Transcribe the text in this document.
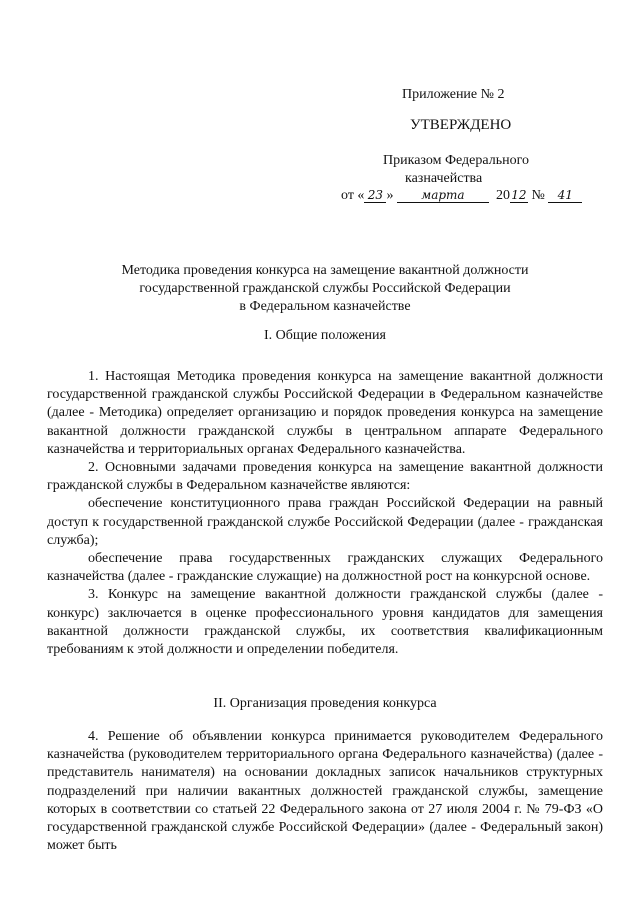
Приложение № 2
УТВЕРЖДЕНО
Приказом Федерального
казначейства
от « 23 » марта 2012 № 41
Методика проведения конкурса на замещение вакантной должности
государственной гражданской службы Российской Федерации
в Федеральном казначействе
I. Общие положения

1. Настоящая Методика проведения конкурса на замещение вакантной должности государственной гражданской службы Российской Федерации в Федеральном казначействе (далее - Методика) определяет организацию и порядок проведения конкурса на замещение вакантной должности гражданской службы в центральном аппарате Федерального казначейства и территориальных органах Федерального казначейства.

2. Основными задачами проведения конкурса на замещение вакантной должности гражданской службы в Федеральном казначействе являются:

обеспечение конституционного права граждан Российской Федерации на равный доступ к государственной гражданской службе Российской Федерации (далее - гражданская служба);

обеспечение права государственных гражданских служащих Федерального казначейства (далее - гражданские служащие) на должностной рост на конкурсной основе.

3. Конкурс на замещение вакантной должности гражданской службы (далее - конкурс) заключается в оценке профессионального уровня кандидатов для замещения вакантной должности гражданской службы, их соответствия квалификационным требованиям к этой должности и определении победителя.

II. Организация проведения конкурса

4. Решение об объявлении конкурса принимается руководителем Федерального казначейства (руководителем территориального органа Федерального казначейства) (далее - представитель нанимателя) на основании докладных записок начальников структурных подразделений при наличии вакантных должностей гражданской службы, замещение которых в соответствии со статьей 22 Федерального закона от 27 июля 2004 г. № 79-ФЗ «О государственной гражданской службе Российской Федерации» (далее - Федеральный закон) может быть
